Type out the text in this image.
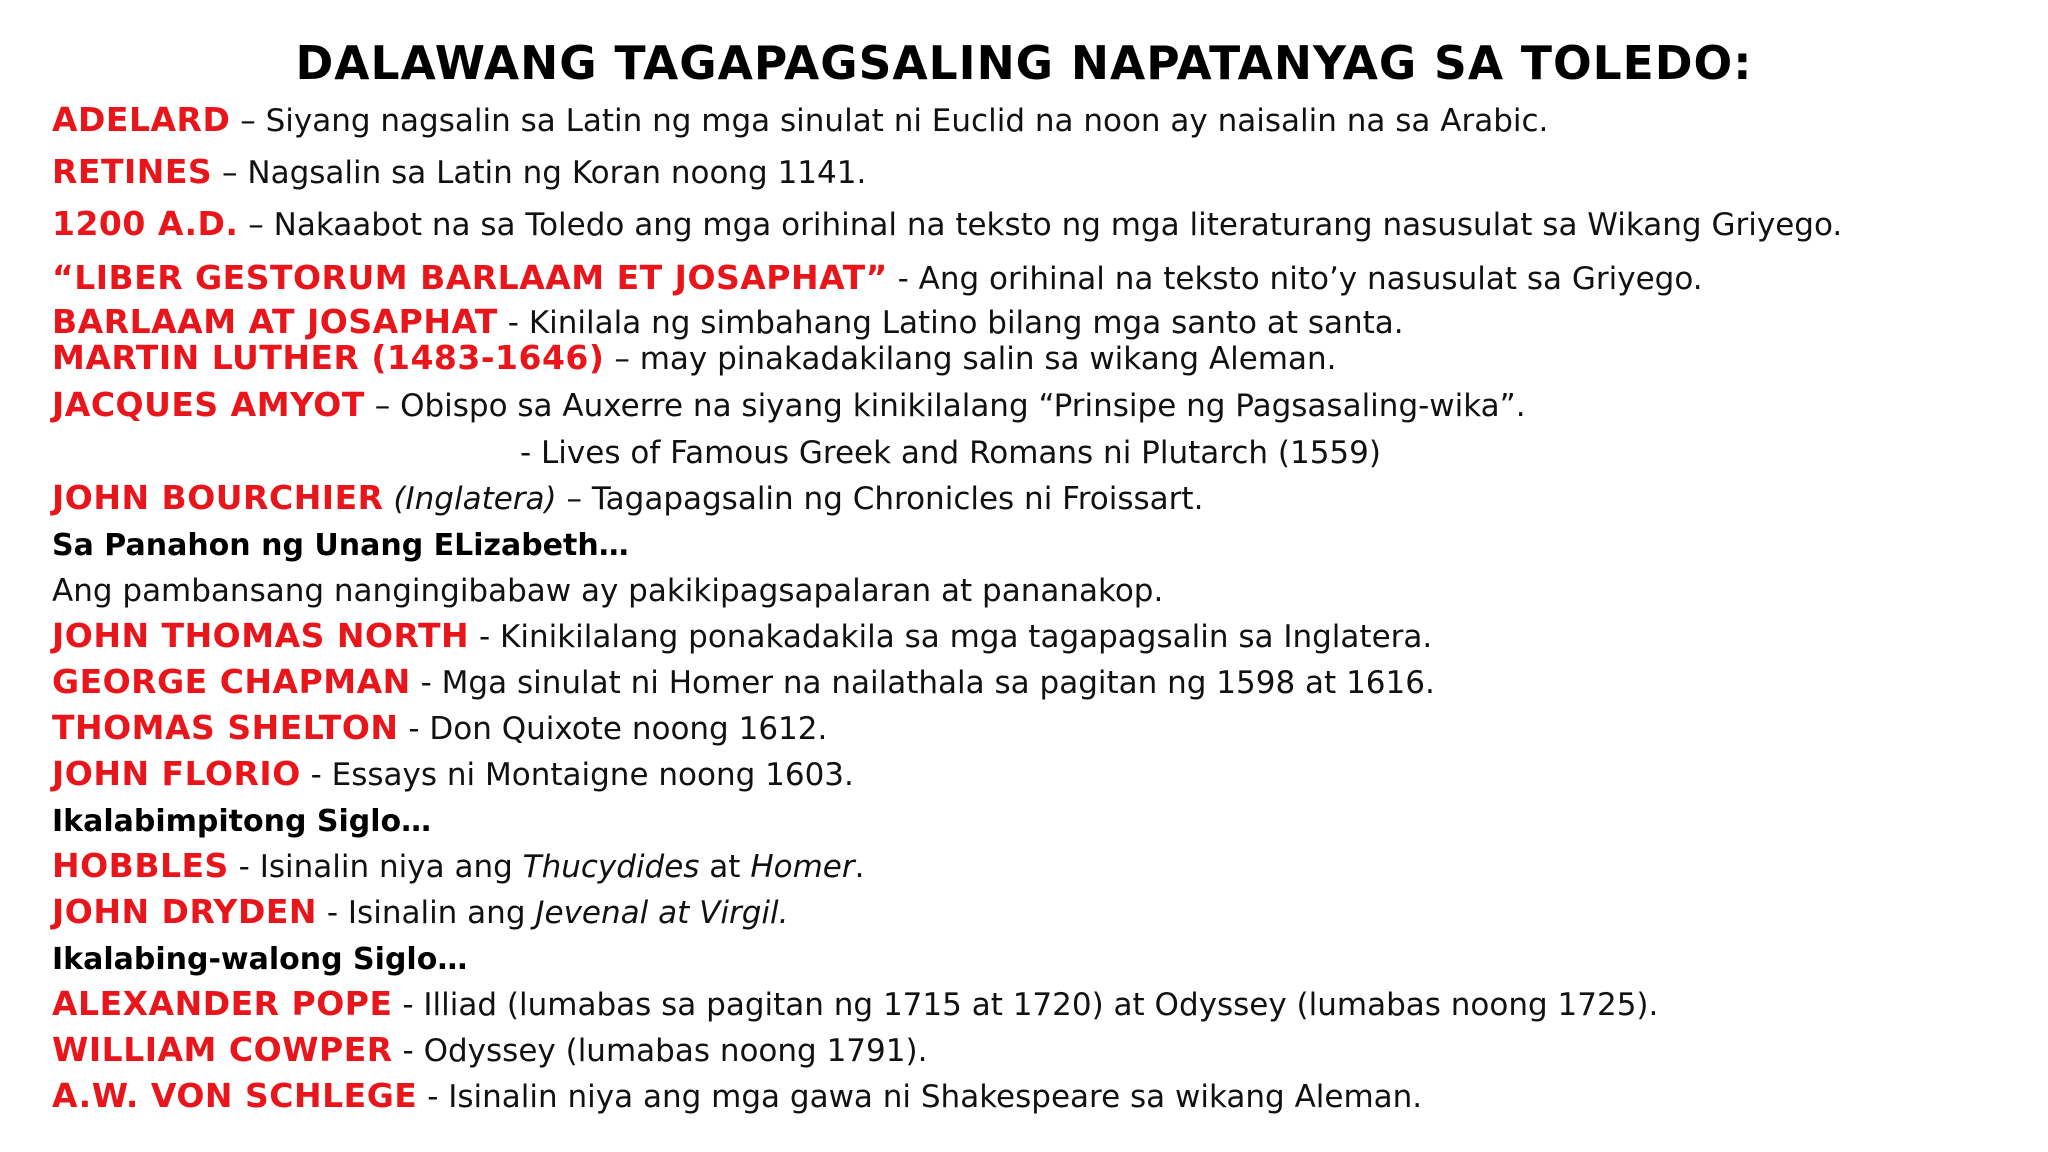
DALAWANG TAGAPAGSALING NAPATANYAG SA TOLEDO:
ADELARD – Siyang nagsalin sa Latin ng mga sinulat ni Euclid na noon ay naisalin na sa Arabic.
RETINES – Nagsalin sa Latin ng Koran noong 1141.
1200 A.D. – Nakaabot na sa Toledo ang mga orihinal na teksto ng mga literaturang nasusulat sa Wikang Griyego.
“LIBER GESTORUM BARLAAM ET JOSAPHAT” - Ang orihinal na teksto nito’y nasusulat sa Griyego.
BARLAAM AT JOSAPHAT - Kinilala ng simbahang Latino bilang mga santo at santa.
MARTIN LUTHER (1483-1646) – may pinakadakilang salin sa wikang Aleman.
JACQUES AMYOT – Obispo sa Auxerre na siyang kinikilalang “Prinsipe ng Pagsasaling-wika”.
- Lives of Famous Greek and Romans ni Plutarch (1559)
JOHN BOURCHIER (Inglatera) – Tagapagsalin ng Chronicles ni Froissart.
Sa Panahon ng Unang ELizabeth…
Ang pambansang nangingibabaw ay pakikipagsapalaran at pananakop.
JOHN THOMAS NORTH - Kinikilalang ponakadakila sa mga tagapagsalin sa Inglatera.
GEORGE CHAPMAN - Mga sinulat ni Homer na nailathala sa pagitan ng 1598 at 1616.
THOMAS SHELTON - Don Quixote noong 1612.
JOHN FLORIO - Essays ni Montaigne noong 1603.
Ikalabimpitong Siglo…
HOBBLES - Isinalin niya ang Thucydides at Homer.
JOHN DRYDEN - Isinalin ang Jevenal at Virgil.
Ikalabing-walong Siglo…
ALEXANDER POPE - Illiad (lumabas sa pagitan ng 1715 at 1720) at Odyssey (lumabas noong 1725).
WILLIAM COWPER - Odyssey (lumabas noong 1791).
A.W. VON SCHLEGE - Isinalin niya ang mga gawa ni Shakespeare sa wikang Aleman.
